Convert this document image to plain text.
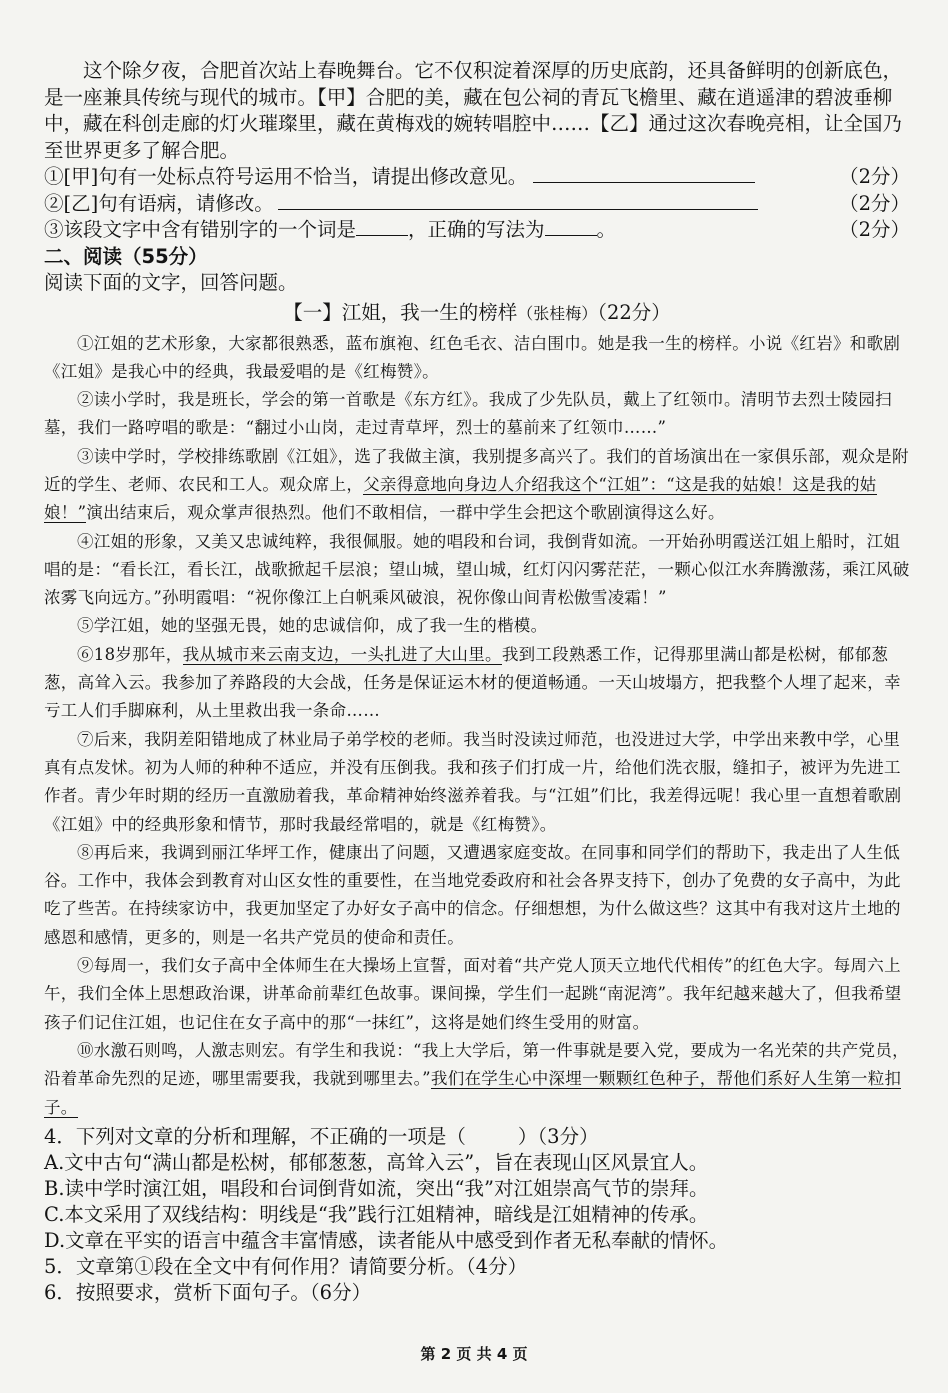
这个除夕夜，合肥首次站上春晚舞台。它不仅积淀着深厚的历史底韵，还具备鲜明的创新底色，是一座兼具传统与现代的城市。【甲】合肥的美，藏在包公祠的青瓦飞檐里、藏在逍遥津的碧波垂柳中，藏在科创走廊的灯火璀璨里，藏在黄梅戏的婉转唱腔中……【乙】通过这次春晚亮相，让全国乃至世界更多了解合肥。

①[甲]句有一处标点符号运用不恰当，请提出修改意见。	（2分）
②[乙]句有语病，请修改。	（2分）
③该段文字中含有错别字的一个词是	，正确的写法为	。	（2分）

二、阅读（55分）

阅读下面的文字，回答问题。

【一】江姐，我一生的榜样（张桂梅）（22分）

①江姐的艺术形象，大家都很熟悉，蓝布旗袍、红色毛衣、洁白围巾。她是我一生的榜样。小说《红岩》和歌剧《江姐》是我心中的经典，我最爱唱的是《红梅赞》。

②读小学时，我是班长，学会的第一首歌是《东方红》。我成了少先队员，戴上了红领巾。清明节去烈士陵园扫墓，我们一路哼唱的歌是：“翻过小山岗，走过青草坪，烈士的墓前来了红领巾……”

③读中学时，学校排练歌剧《江姐》，选了我做主演，我别提多高兴了。我们的首场演出在一家俱乐部，观众是附近的学生、老师、农民和工人。观众席上，父亲得意地向身边人介绍我这个“江姐”：“这是我的姑娘！这是我的姑娘！”演出结束后，观众掌声很热烈。他们不敢相信，一群中学生会把这个歌剧演得这么好。

④江姐的形象，又美又忠诚纯粹，我很佩服。她的唱段和台词，我倒背如流。一开始孙明霞送江姐上船时，江姐唱的是：“看长江，看长江，战歌掀起千层浪；望山城，望山城，红灯闪闪雾茫茫，一颗心似江水奔腾激荡，乘江风破浓雾飞向远方。”孙明霞唱：“祝你像江上白帆乘风破浪，祝你像山间青松傲雪凌霜！”

⑤学江姐，她的坚强无畏，她的忠诚信仰，成了我一生的楷模。

⑥18岁那年，我从城市来云南支边，一头扎进了大山里。我到工段熟悉工作，记得那里满山都是松树，郁郁葱葱，高耸入云。我参加了养路段的大会战，任务是保证运木材的便道畅通。一天山坡塌方，把我整个人埋了起来，幸亏工人们手脚麻利，从土里救出我一条命……

⑦后来，我阴差阳错地成了林业局子弟学校的老师。我当时没读过师范，也没进过大学，中学出来教中学，心里真有点发怵。初为人师的种种不适应，并没有压倒我。我和孩子们打成一片，给他们洗衣服，缝扣子，被评为先进工作者。青少年时期的经历一直激励着我，革命精神始终滋养着我。与“江姐”们比，我差得远呢！我心里一直想着歌剧《江姐》中的经典形象和情节，那时我最经常唱的，就是《红梅赞》。

⑧再后来，我调到丽江华坪工作，健康出了问题，又遭遇家庭变故。在同事和同学们的帮助下，我走出了人生低谷。工作中，我体会到教育对山区女性的重要性，在当地党委政府和社会各界支持下，创办了免费的女子高中，为此吃了些苦。在持续家访中，我更加坚定了办好女子高中的信念。仔细想想，为什么做这些？这其中有我对这片土地的感恩和感情，更多的，则是一名共产党员的使命和责任。

⑨每周一，我们女子高中全体师生在大操场上宣誓，面对着“共产党人顶天立地代代相传”的红色大字。每周六上午，我们全体上思想政治课，讲革命前辈红色故事。课间操，学生们一起跳“南泥湾”。我年纪越来越大了，但我希望孩子们记住江姐，也记住在女子高中的那“一抹红”，这将是她们终生受用的财富。

⑩水激石则鸣，人激志则宏。有学生和我说：“我上大学后，第一件事就是要入党，要成为一名光荣的共产党员，沿着革命先烈的足迹，哪里需要我，我就到哪里去。”我们在学生心中深埋一颗颗红色种子，帮他们系好人生第一粒扣子。

4．下列对文章的分析和理解，不正确的一项是（	）（3分）

A.文中古句“满山都是松树，郁郁葱葱，高耸入云”，旨在表现山区风景宜人。

B.读中学时演江姐，唱段和台词倒背如流，突出“我”对江姐崇高气节的崇拜。

C.本文采用了双线结构：明线是“我”践行江姐精神，暗线是江姐精神的传承。

D.文章在平实的语言中蕴含丰富情感，读者能从中感受到作者无私奉献的情怀。

5．文章第①段在全文中有何作用？请简要分析。（4分）

6．按照要求，赏析下面句子。（6分）

第 2 页 共 4 页
